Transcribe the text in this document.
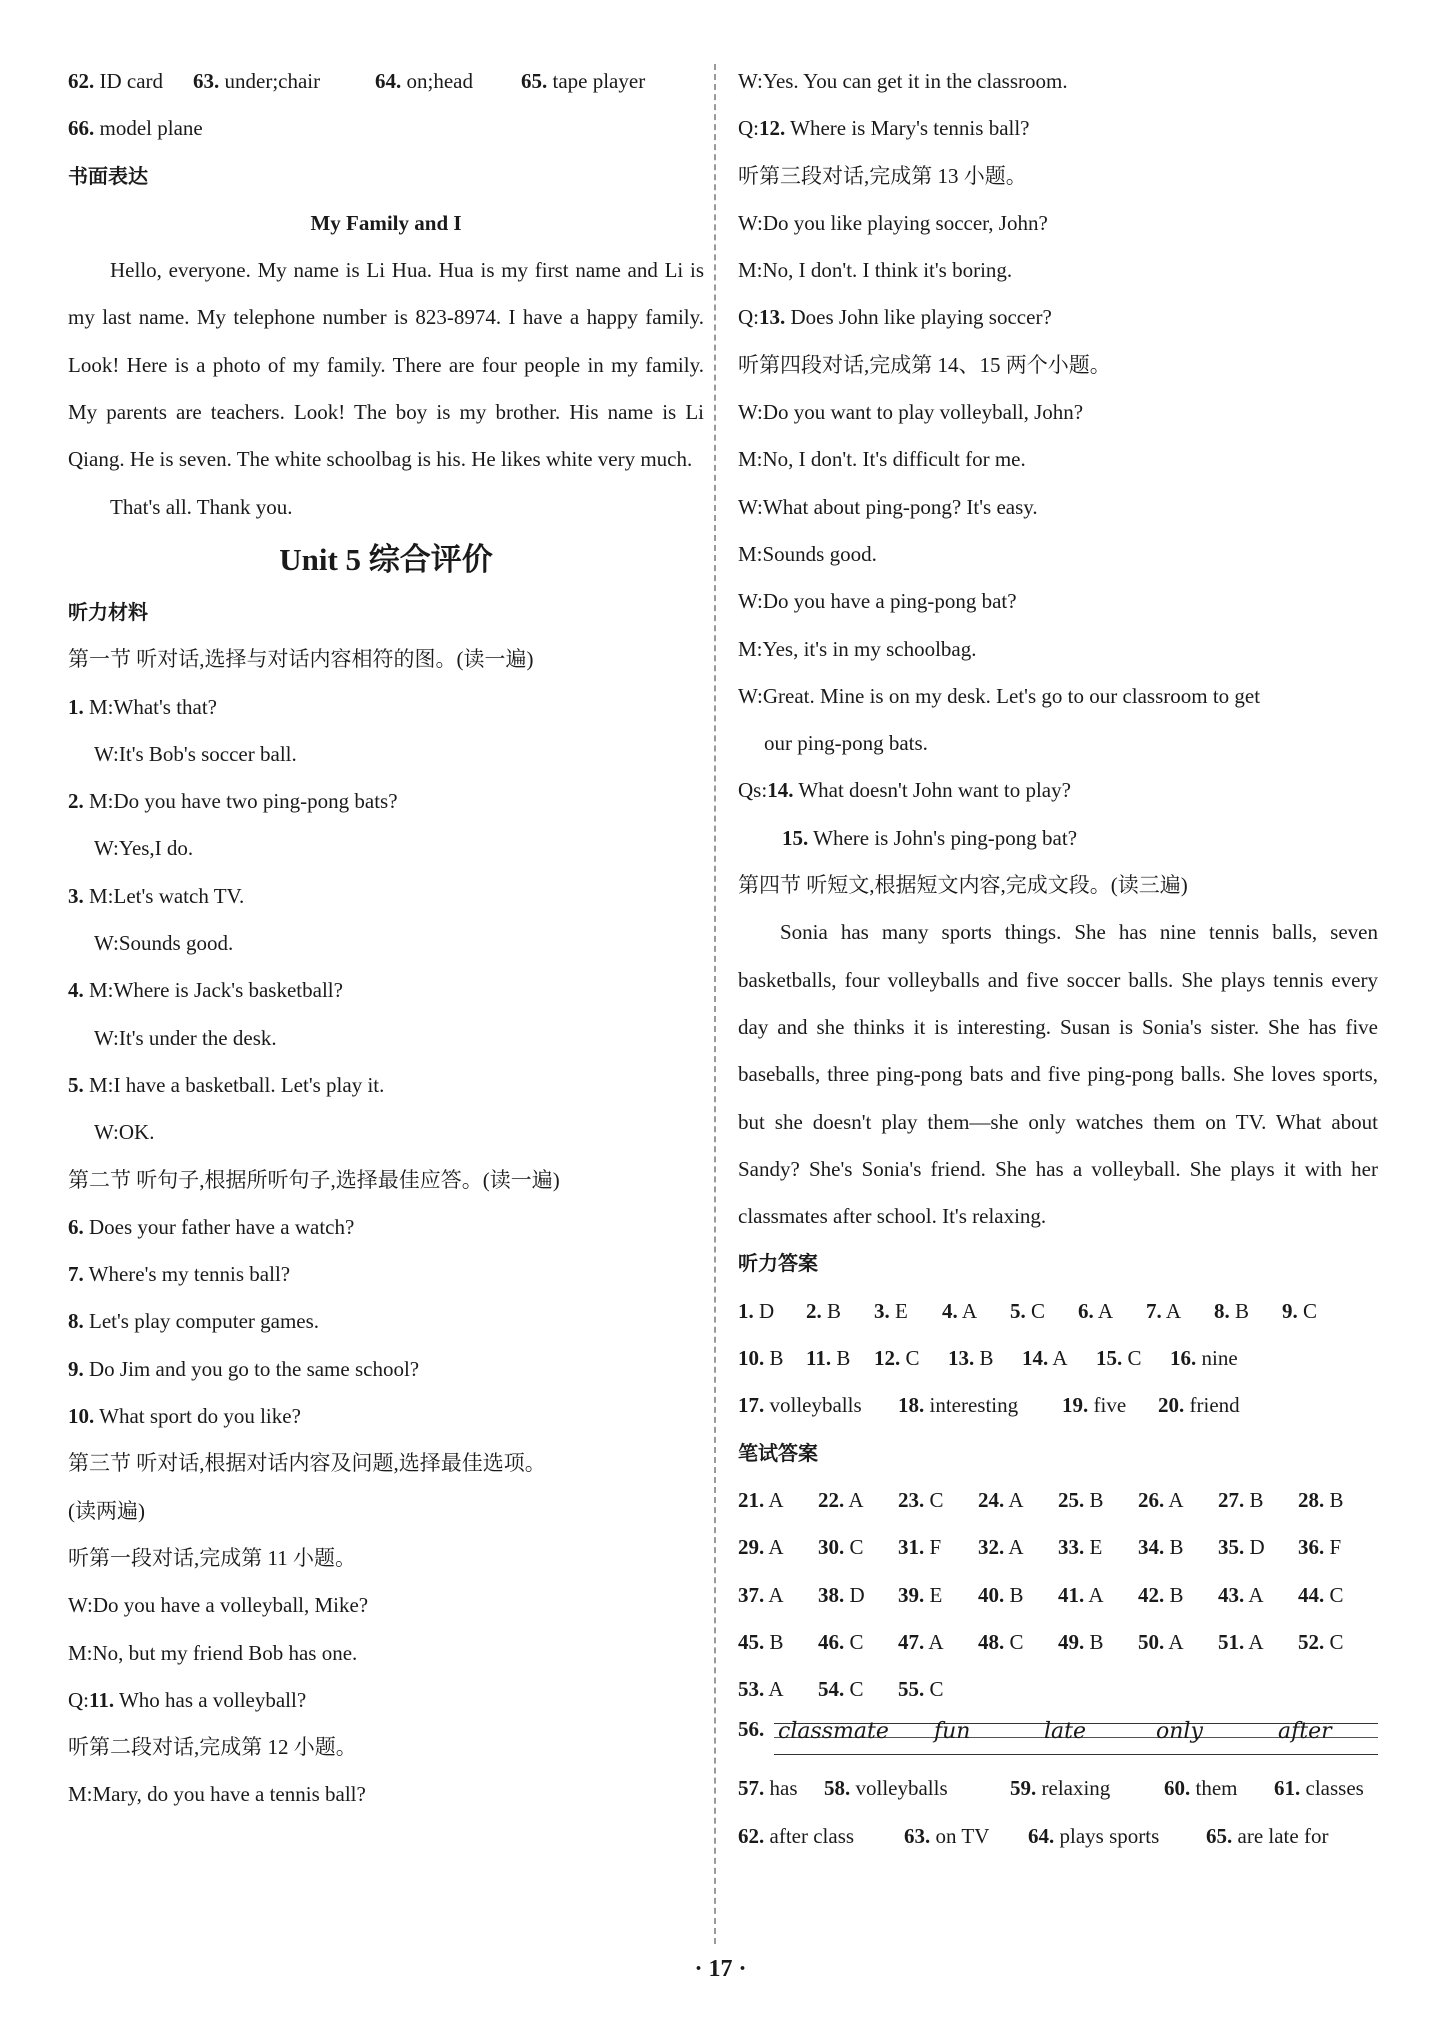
62. ID card	63. under;chair	64. on;head	65. tape player
66. model plane
书面表达
My Family and I

Hello, everyone. My name is Li Hua. Hua is my first name and Li is my last name. My telephone number is 823-8974. I have a happy family. Look! Here is a photo of my family. There are four people in my family. My parents are teachers. Look! The boy is my brother. His name is Li Qiang. He is seven. The white schoolbag is his. He likes white very much.

That's all. Thank you.

Unit 5 综合评价
听力材料
第一节 听对话,选择与对话内容相符的图。(读一遍)
1. M:What's that?
W:It's Bob's soccer ball.
2. M:Do you have two ping-pong bats?
W:Yes,I do.
3. M:Let's watch TV.
W:Sounds good.
4. M:Where is Jack's basketball?
W:It's under the desk.
5. M:I have a basketball. Let's play it.
W:OK.
第二节 听句子,根据所听句子,选择最佳应答。(读一遍)
6. Does your father have a watch?
7. Where's my tennis ball?
8. Let's play computer games.
9. Do Jim and you go to the same school?
10. What sport do you like?
第三节 听对话,根据对话内容及问题,选择最佳选项。
(读两遍)
听第一段对话,完成第 11 小题。
W:Do you have a volleyball, Mike?
M:No, but my friend Bob has one.
Q:11. Who has a volleyball?
听第二段对话,完成第 12 小题。
M:Mary, do you have a tennis ball?
W:Yes. You can get it in the classroom.
Q:12. Where is Mary's tennis ball?
听第三段对话,完成第 13 小题。
W:Do you like playing soccer, John?
M:No, I don't. I think it's boring.
Q:13. Does John like playing soccer?
听第四段对话,完成第 14、15 两个小题。
W:Do you want to play volleyball, John?
M:No, I don't. It's difficult for me.
W:What about ping-pong? It's easy.
M:Sounds good.
W:Do you have a ping-pong bat?
M:Yes, it's in my schoolbag.
W:Great. Mine is on my desk. Let's go to our classroom to get
our ping-pong bats.
Qs:14. What doesn't John want to play?
15. Where is John's ping-pong bat?
第四节 听短文,根据短文内容,完成文段。(读三遍)

Sonia has many sports things. She has nine tennis balls, seven basketballs, four volleyballs and five soccer balls. She plays tennis every day and she thinks it is interesting. Susan is Sonia's sister. She has five baseballs, three ping-pong bats and five ping-pong balls. She loves sports, but she doesn't play them—she only watches them on TV. What about Sandy? She's Sonia's friend. She has a volleyball. She plays it with her classmates after school. It's relaxing.

听力答案
1. D	2. B	3. E	4. A	5. C	6. A	7. A	8. B	9. C
10. B	11. B	12. C	13. B	14. A	15. C	16. nine
17. volleyballs	18. interesting	19. five	20. friend
笔试答案
21. A	22. A	23. C	24. A	25. B	26. A	27. B	28. B
29. A	30. C	31. F	32. A	33. E	34. B	35. D	36. F
37. A	38. D	39. E	40. B	41. A	42. B	43. A	44. C
45. B	46. C	47. A	48. C	49. B	50. A	51. A	52. C
53. A	54. C	55. C
56. classmate fun	late	only	after
57. has	58. volleyballs	59. relaxing	60. them	61. classes
62. after class	63. on TV	64. plays sports	65. are late for
· 17 ·
